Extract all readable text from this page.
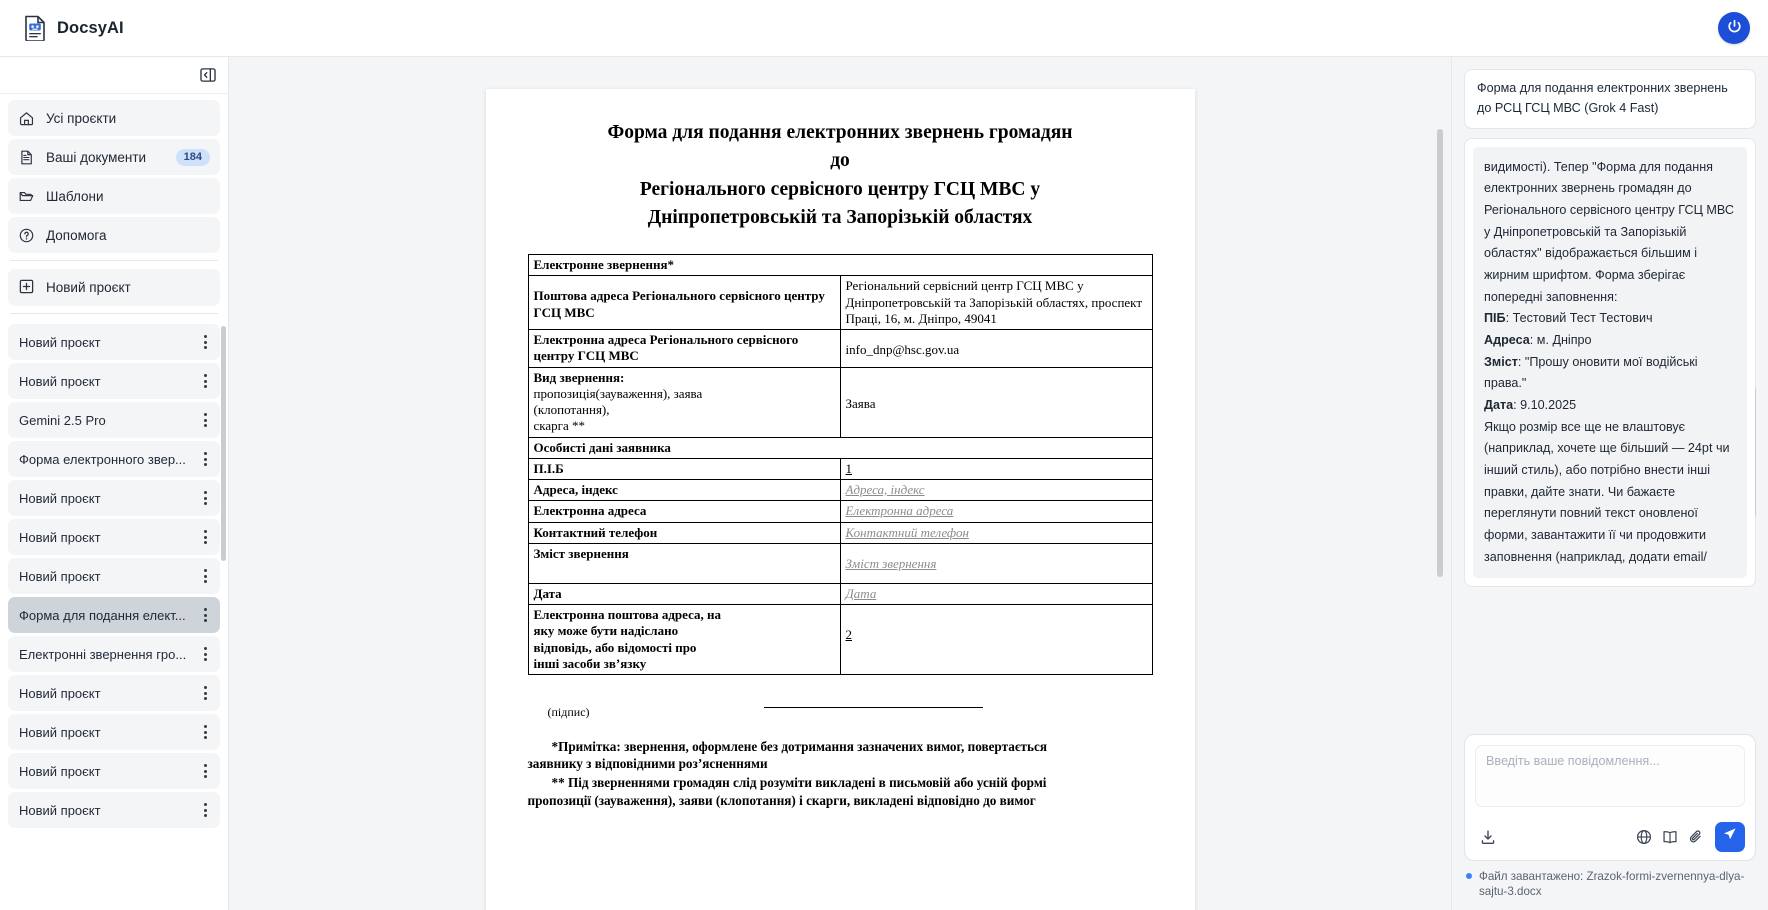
DocsyAI
Усі проєкти
Ваші документи	184
Шаблони
Допомога
Новий проєкт
Новий проєкт
Новий проєкт
Gemini 2.5 Pro
Форма електронного звер...
Новий проєкт
Новий проєкт
Новий проєкт
Форма для подання елект...
Електронні звернення гро...
Новий проєкт
Новий проєкт
Новий проєкт
Новий проєкт
Форма для подання електронних звернень громадян
до
Регіонального сервісного центру ГСЦ МВС у
Дніпропетровській та Запорізькій областях
Електронне звернення*	
Поштова адреса Регіонального сервісного центру ГСЦ МВС	Регіональний сервісний центр ГСЦ МВС у Дніпропетровській та Запорізькій областях, проспект Праці, 16, м. Дніпро, 49041
Електронна адреса Регіонального сервісного центру ГСЦ МВС	info_dnp@hsc.gov.ua
Вид звернення:
пропозиція(зауваження), заява
(клопотання),
скарга **	Заява
Особисті дані заявника	
П.І.Б	1
Адреса, індекс	Адреса, індекс
Електронна адреса	Електронна адреса
Контактний телефон	Контактний телефон
Зміст звернення	Зміст звернення
Дата	Дата
Електронна поштова адреса, на
яку може бути надіслано
відповідь, або відомості про
інші засоби зв’язку	2
(підпис)
*Примітка: звернення, оформлене без дотримання зазначених вимог, повертається
заявнику з відповідними роз’ясненнями
** Під зверненнями громадян слід розуміти викладені в письмовій або усній формі
пропозиції (зауваження), заяви (клопотання) і скарги, викладені відповідно до вимог
Форма для подання електронних звернень до РСЦ ГСЦ МВС (Grok 4 Fast)
видимості). Тепер "Форма для подання електронних звернень громадян до Регіонального сервісного центру ГСЦ МВС у Дніпропетровській та Запорізькій областях" відображається більшим і жирним шрифтом. Форма зберігає попередні заповнення:
ПІБ: Тестовий Тест Тестович
Адреса: м. Дніпро
Зміст: "Прошу оновити мої водійські права."
Дата: 9.10.2025
Якщо розмір все ще не влаштовує (наприклад, хочете ще більший — 24pt чи інший стиль), або потрібно внести інші правки, дайте знати. Чи бажаєте переглянути повний текст оновленої форми, завантажити її чи продовжити заповнення (наприклад, додати email/
Введіть ваше повідомлення...
Файл завантажено: Zrazok-formi-zvernennya-dlya-sajtu-3.docx
